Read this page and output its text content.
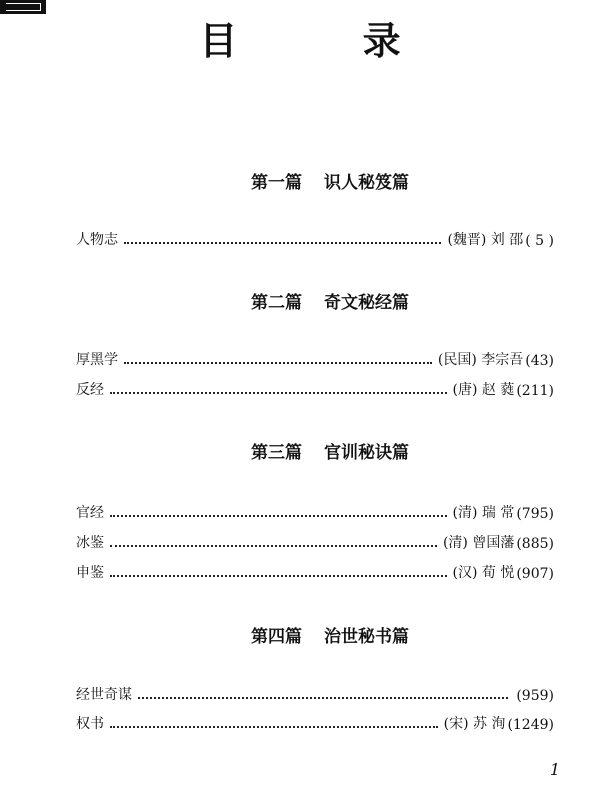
目 录
第一篇 识人秘笈篇
人物志	(魏晋) 刘 邵 ( 5 )
第二篇 奇文秘经篇
厚黑学	(民国) 李宗吾 (43)
反经	(唐) 赵 蕤 (211)
第三篇 官训秘诀篇
官经	(清) 瑞 常 (795)
冰鉴	(清) 曾国藩 (885)
申鉴	(汉) 荀 悦 (907)
第四篇 治世秘书篇
经世奇谋	(959)
权书	(宋) 苏 洵 (1249)
1
